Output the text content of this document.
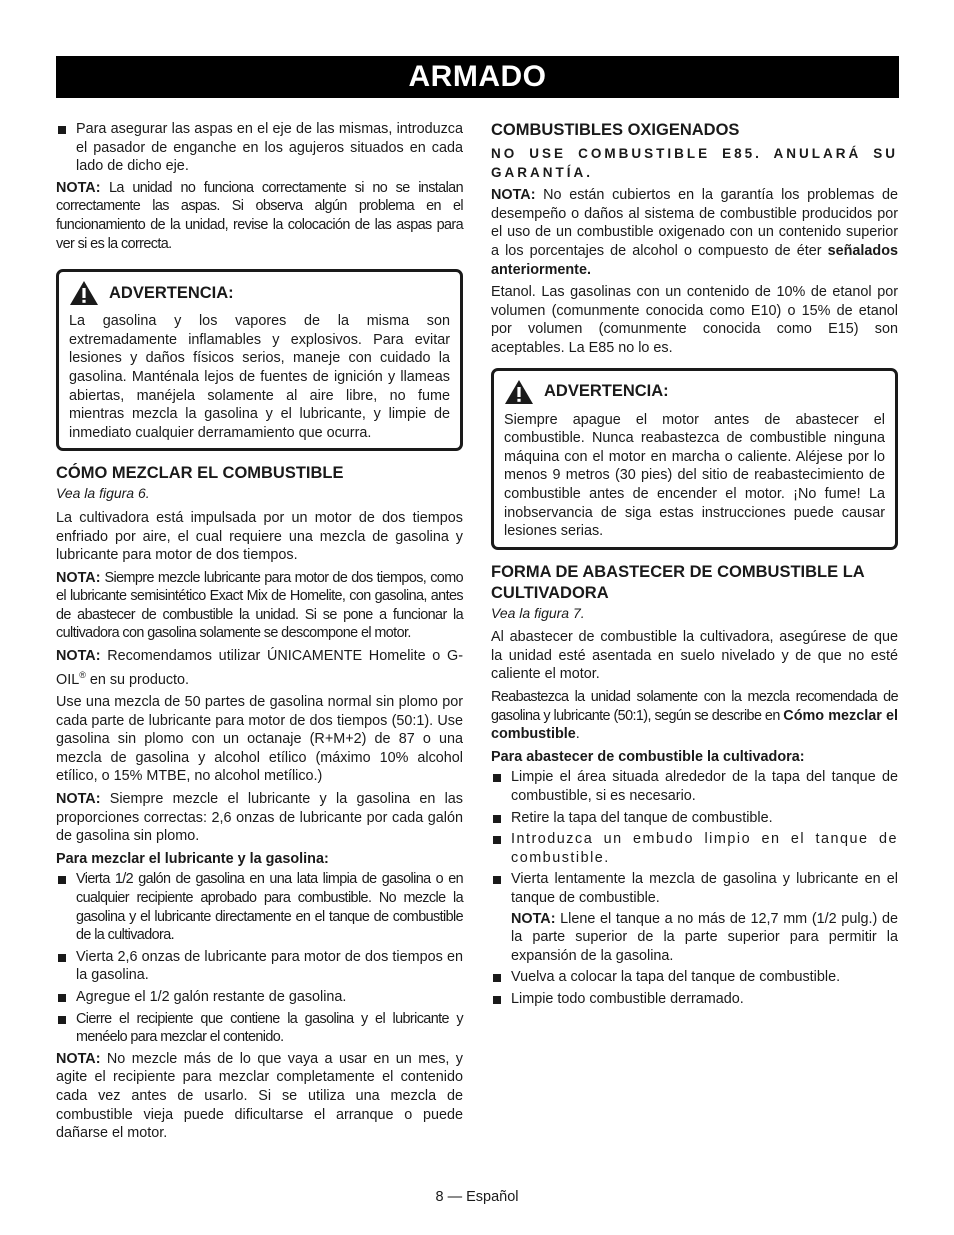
ARMADO
Para asegurar las aspas en el eje de las mismas, introduzca el pasador de enganche en los agujeros situados en cada lado de dicho eje.

NOTA: La unidad no funciona correctamente si no se instalan correctamente las aspas. Si observa algún problema en el funcionamiento de la unidad, revise la colocación de las aspas para ver si es la correcta.

ADVERTENCIA:
La gasolina y los vapores de la misma son extremadamente inflamables y explosivos. Para evitar lesiones y daños físicos serios, maneje con cuidado la gasolina. Manténala lejos de fuentes de ignición y llameas abiertas, manéjela solamente al aire libre, no fume mientras mezcla la gasolina y el lubricante, y limpie de inmediato cualquier derramamiento que ocurra.
CÓMO MEZCLAR EL COMBUSTIBLE
Vea la figura 6.

La cultivadora está impulsada por un motor de dos tiempos enfriado por aire, el cual requiere una mezcla de gasolina y lubricante para motor de dos tiempos.

NOTA: Siempre mezcle lubricante para motor de dos tiempos, como el lubricante semisintético Exact Mix de Homelite, con gasolina, antes de abastecer de combustible la unidad. Si se pone a funcionar la cultivadora con gasolina solamente se descompone el motor.

NOTA: Recomendamos utilizar ÚNICAMENTE Homelite o G-OIL® en su producto.

Use una mezcla de 50 partes de gasolina normal sin plomo por cada parte de lubricante para motor de dos tiempos (50:1). Use gasolina sin plomo con un octanaje (R+M+2) de 87 o una mezcla de gasolina y alcohol etílico (máximo 10% alcohol etílico, o 15% MTBE, no alcohol metílico.)

NOTA: Siempre mezcle el lubricante y la gasolina en las proporciones correctas: 2,6 onzas de lubricante por cada galón de gasolina sin plomo.

Para mezclar el lubricante y la gasolina:

Vierta 1/2 galón de gasolina en una lata limpia de gasolina o en cualquier recipiente aprobado para combustible. No mezcle la gasolina y el lubricante directamente en el tanque de combustible de la cultivadora.
Vierta 2,6 onzas de lubricante para motor de dos tiempos en la gasolina.
Agregue el 1/2 galón restante de gasolina.
Cierre el recipiente que contiene la gasolina y el lubricante y menéelo para mezclar el contenido.

NOTA: No mezcle más de lo que vaya a usar en un mes, y agite el recipiente para mezclar completamente el contenido cada vez antes de usarlo. Si se utiliza una mezcla de combustible vieja puede dificultarse el arranque o puede dañarse el motor.

COMBUSTIBLES OXIGENADOS

NO USE COMBUSTIBLE E85. ANULARÁ SU GARANTÍA.

NOTA: No están cubiertos en la garantía los problemas de desempeño o daños al sistema de combustible producidos por el uso de un combustible oxigenado con un contenido superior a los porcentajes de alcohol o compuesto de éter señalados anteriormente.

Etanol. Las gasolinas con un contenido de 10% de etanol por volumen (comunmente conocida como E10) o 15% de etanol por volumen (comunmente conocida como E15) son aceptables. La E85 no lo es.

ADVERTENCIA:
Siempre apague el motor antes de abastecer el combustible. Nunca reabastezca de combustible ninguna máquina con el motor en marcha o caliente. Aléjese por lo menos 9 metros (30 pies) del sitio de reabastecimiento de combustible antes de encender el motor. ¡No fume! La inobservancia de siga estas instrucciones puede causar lesiones serias.
FORMA DE ABASTECER DE COMBUSTIBLE LA CULTIVADORA
Vea la figura 7.

Al abastecer de combustible la cultivadora, asegúrese de que la unidad esté asentada en suelo nivelado y de que no esté caliente el motor.

Reabastezca la unidad solamente con la mezcla recomendada de gasolina y lubricante (50:1), según se describe en Cómo mezclar el combustible.

Para abastecer de combustible la cultivadora:

Limpie el área situada alrededor de la tapa del tanque de combustible, si es necesario.
Retire la tapa del tanque de combustible.
Introduzca un embudo limpio en el tanque de combustible.
Vierta lentamente la mezcla de gasolina y lubricante en el tanque de combustible.
NOTA: Llene el tanque a no más de 12,7 mm (1/2 pulg.) de la parte superior de la parte superior para permitir la expansión de la gasolina.
Vuelva a colocar la tapa del tanque de combustible.
Limpie todo combustible derramado.
8 — Español
